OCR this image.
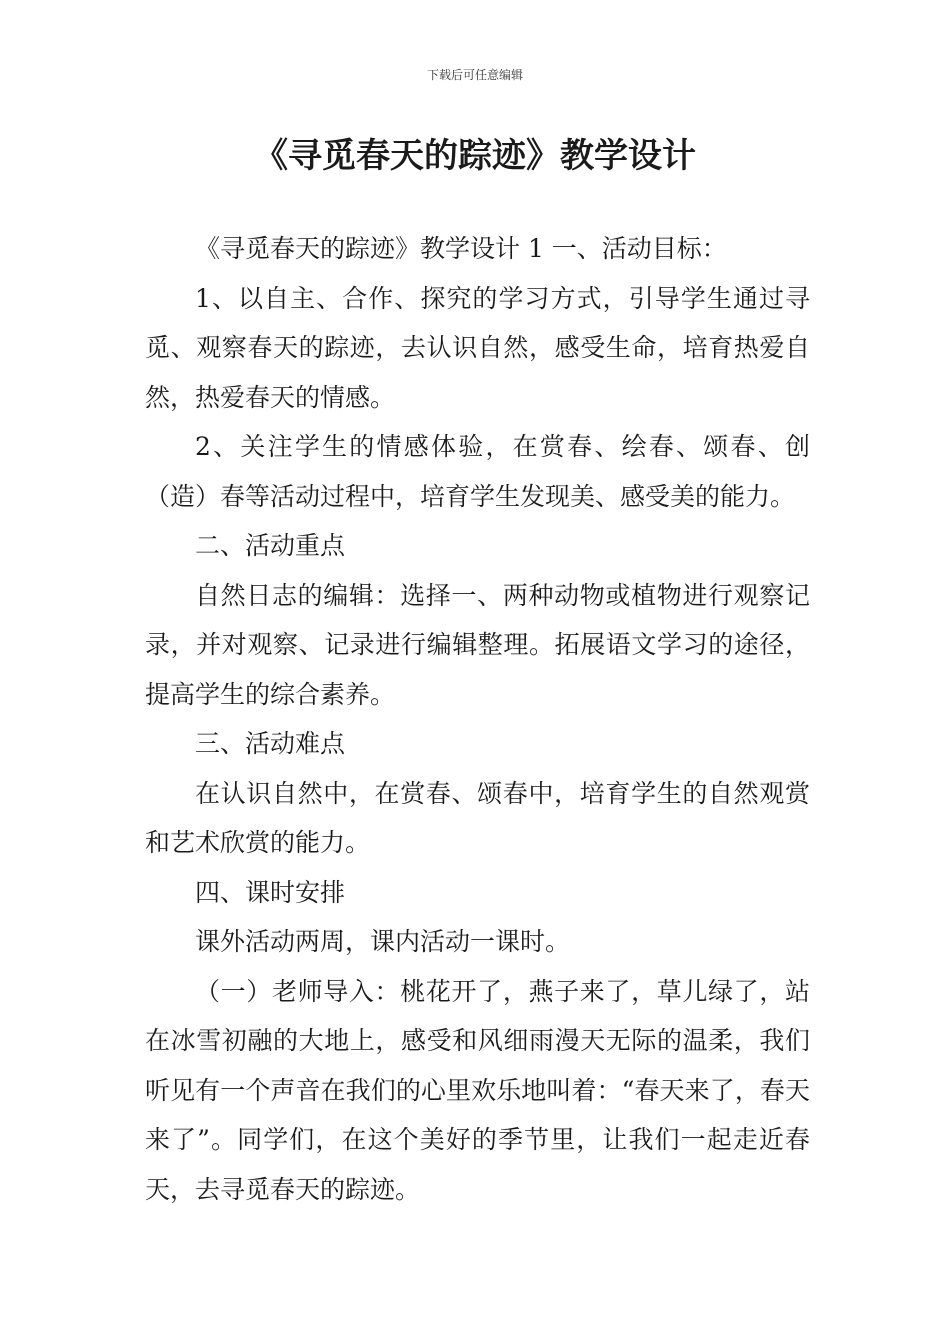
下载后可任意编辑
《寻觅春天的踪迹》教学设计

《寻觅春天的踪迹》教学设计 1 一、活动目标：

1、以自主、合作、探究的学习方式，引导学生通过寻觅、观察春天的踪迹，去认识自然，感受生命，培育热爱自然，热爱春天的情感。

2、关注学生的情感体验，在赏春、绘春、颂春、创（造）春等活动过程中，培育学生发现美、感受美的能力。

二、活动重点

自然日志的编辑：选择一、两种动物或植物进行观察记录，并对观察、记录进行编辑整理。拓展语文学习的途径，提高学生的综合素养。

三、活动难点

在认识自然中，在赏春、颂春中，培育学生的自然观赏和艺术欣赏的能力。

四、课时安排

课外活动两周，课内活动一课时。

（一）老师导入：桃花开了，燕子来了，草儿绿了，站在冰雪初融的大地上，感受和风细雨漫天无际的温柔，我们听见有一个声音在我们的心里欢乐地叫着：“春天来了，春天来了”。同学们，在这个美好的季节里，让我们一起走近春天，去寻觅春天的踪迹。
